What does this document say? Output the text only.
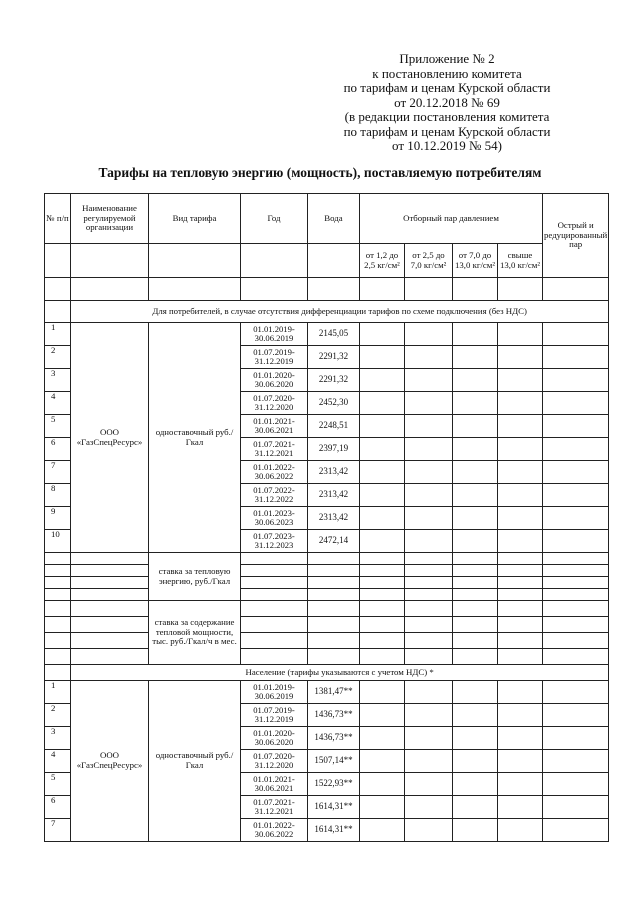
Приложение № 2
к постановлению комитета
по тарифам и ценам Курской области
от 20.12.2018 № 69
(в редакции постановления комитета
по тарифам и ценам Курской области
от 10.12.2019 № 54)
Тарифы на тепловую энергию (мощность), поставляемую потребителям
№ п/п	Наименование регулируемой организации	Вид тарифа	Год	Вода	Отборный пар давлением				Острый и редуцированный пар
					от 1,2 до 2,5 кг/см²	от 2,5 до 7,0 кг/см²	от 7,0 до 13,0 кг/см²	свыше 13,0 кг/см²	

	Для потребителей, в случае отсутствия дифференциации тарифов по схеме подключения (без НДС)								
1	ООО «ГазСпецРесурс»	одноставочный руб./Гкал	01.01.2019-30.06.2019	2145,05					
2			01.07.2019-31.12.2019	2291,32					
3			01.01.2020-30.06.2020	2291,32					
4			01.07.2020-31.12.2020	2452,30					
5			01.01.2021-30.06.2021	2248,51					
6			01.07.2021-31.12.2021	2397,19					
7			01.01.2022-30.06.2022	2313,42					
8			01.07.2022-31.12.2022	2313,42					
9			01.01.2023-30.06.2023	2313,42					
10			01.07.2023-31.12.2023	2472,14					
		ставка за тепловую энергию, руб./Гкал							

		ставка за содержание тепловой мощности, тыс. руб./Гкал/ч в мес.							

	Население (тарифы указываются с учетом НДС) *								
1	ООО «ГазСпецРесурс»	одноставочный руб./Гкал	01.01.2019-30.06.2019	1381,47**					
2			01.07.2019-31.12.2019	1436,73**					
3			01.01.2020-30.06.2020	1436,73**					
4			01.07.2020-31.12.2020	1507,14**					
5			01.01.2021-30.06.2021	1522,93**					
6			01.07.2021-31.12.2021	1614,31**					
7			01.01.2022-30.06.2022	1614,31**					
